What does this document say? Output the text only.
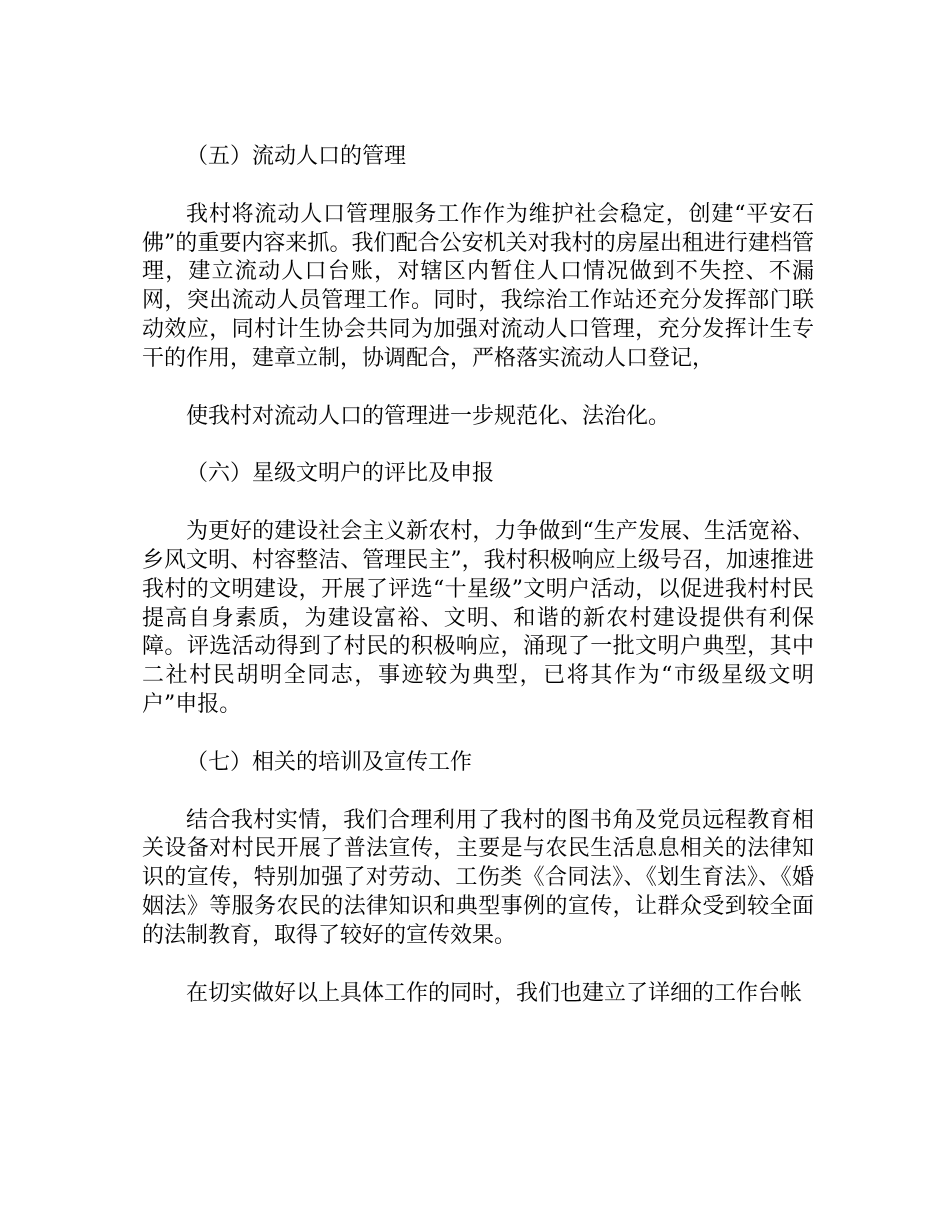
（五）流动人口的管理

我村将流动人口管理服务工作作为维护社会稳定，创建“平安石佛”的重要内容来抓。我们配合公安机关对我村的房屋出租进行建档管理，建立流动人口台账，对辖区内暂住人口情况做到不失控、不漏网，突出流动人员管理工作。同时，我综治工作站还充分发挥部门联动效应，同村计生协会共同为加强对流动人口管理，充分发挥计生专干的作用，建章立制，协调配合，严格落实流动人口登记，

使我村对流动人口的管理进一步规范化、法治化。

（六）星级文明户的评比及申报

为更好的建设社会主义新农村，力争做到“生产发展、生活宽裕、乡风文明、村容整洁、管理民主”，我村积极响应上级号召，加速推进我村的文明建设，开展了评选“十星级”文明户活动，以促进我村村民提高自身素质，为建设富裕、文明、和谐的新农村建设提供有利保障。评选活动得到了村民的积极响应，涌现了一批文明户典型，其中二社村民胡明全同志，事迹较为典型，已将其作为“市级星级文明户”申报。

（七）相关的培训及宣传工作

结合我村实情，我们合理利用了我村的图书角及党员远程教育相关设备对村民开展了普法宣传，主要是与农民生活息息相关的法律知识的宣传，特别加强了对劳动、工伤类《合同法》、《划生育法》、《婚姻法》等服务农民的法律知识和典型事例的宣传，让群众受到较全面的法制教育，取得了较好的宣传效果。

在切实做好以上具体工作的同时，我们也建立了详细的工作台帐
